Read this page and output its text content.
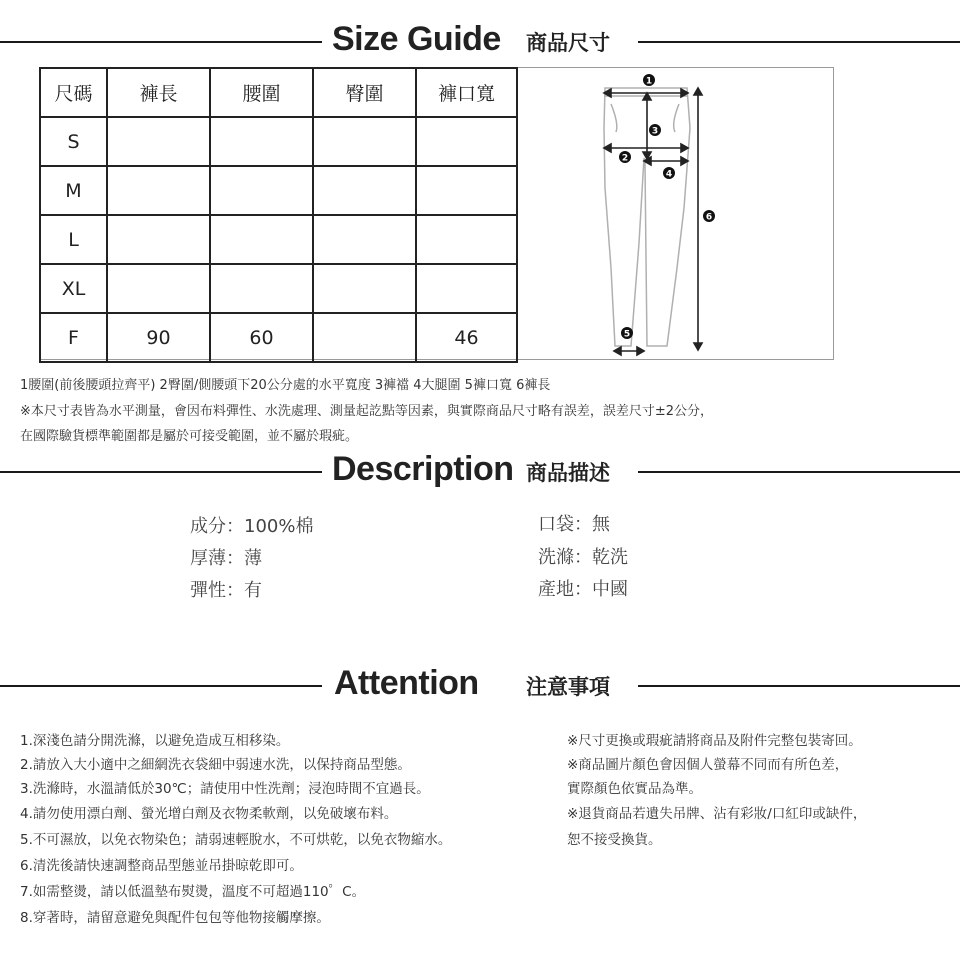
Size Guide 商品尺寸
尺碼	褲長	腰圍	臀圍	褲口寬
S				
M				
L				
XL				
F	90	60		46
1
2
3
4
5
6
1腰圍(前後腰頭拉齊平) 2臀圍/側腰頭下20公分處的水平寬度 3褲襠 4大腿圍 5褲口寬 6褲長
※本尺寸表皆為水平測量，會因布料彈性、水洗處理、測量起訖點等因素，與實際商品尺寸略有誤差，誤差尺寸±2公分，
在國際驗貨標準範圍都是屬於可接受範圍，並不屬於瑕疵。
Description 商品描述
成分：100%棉
厚薄：薄
彈性：有
口袋：無
洗滌：乾洗
產地：中國
Attention 注意事項
1.深淺色請分開洗滌，以避免造成互相移染。
2.請放入大小適中之細網洗衣袋細中弱速水洗，以保持商品型態。
3.洗滌時，水溫請低於30℃；請使用中性洗劑；浸泡時間不宜過長。
4.請勿使用漂白劑、螢光增白劑及衣物柔軟劑，以免破壞布料。
5.不可濕放，以免衣物染色；請弱速輕脫水，不可烘乾，以免衣物縮水。
6.清洗後請快速調整商品型態並吊掛晾乾即可。
7.如需整燙，請以低溫墊布熨燙，溫度不可超過110゜C。
8.穿著時，請留意避免與配件包包等他物接觸摩擦。
※尺寸更換或瑕疵請將商品及附件完整包裝寄回。
※商品圖片顏色會因個人螢幕不同而有所色差，
實際顏色依實品為準。
※退貨商品若遺失吊牌、沾有彩妝/口紅印或缺件，
恕不接受換貨。
